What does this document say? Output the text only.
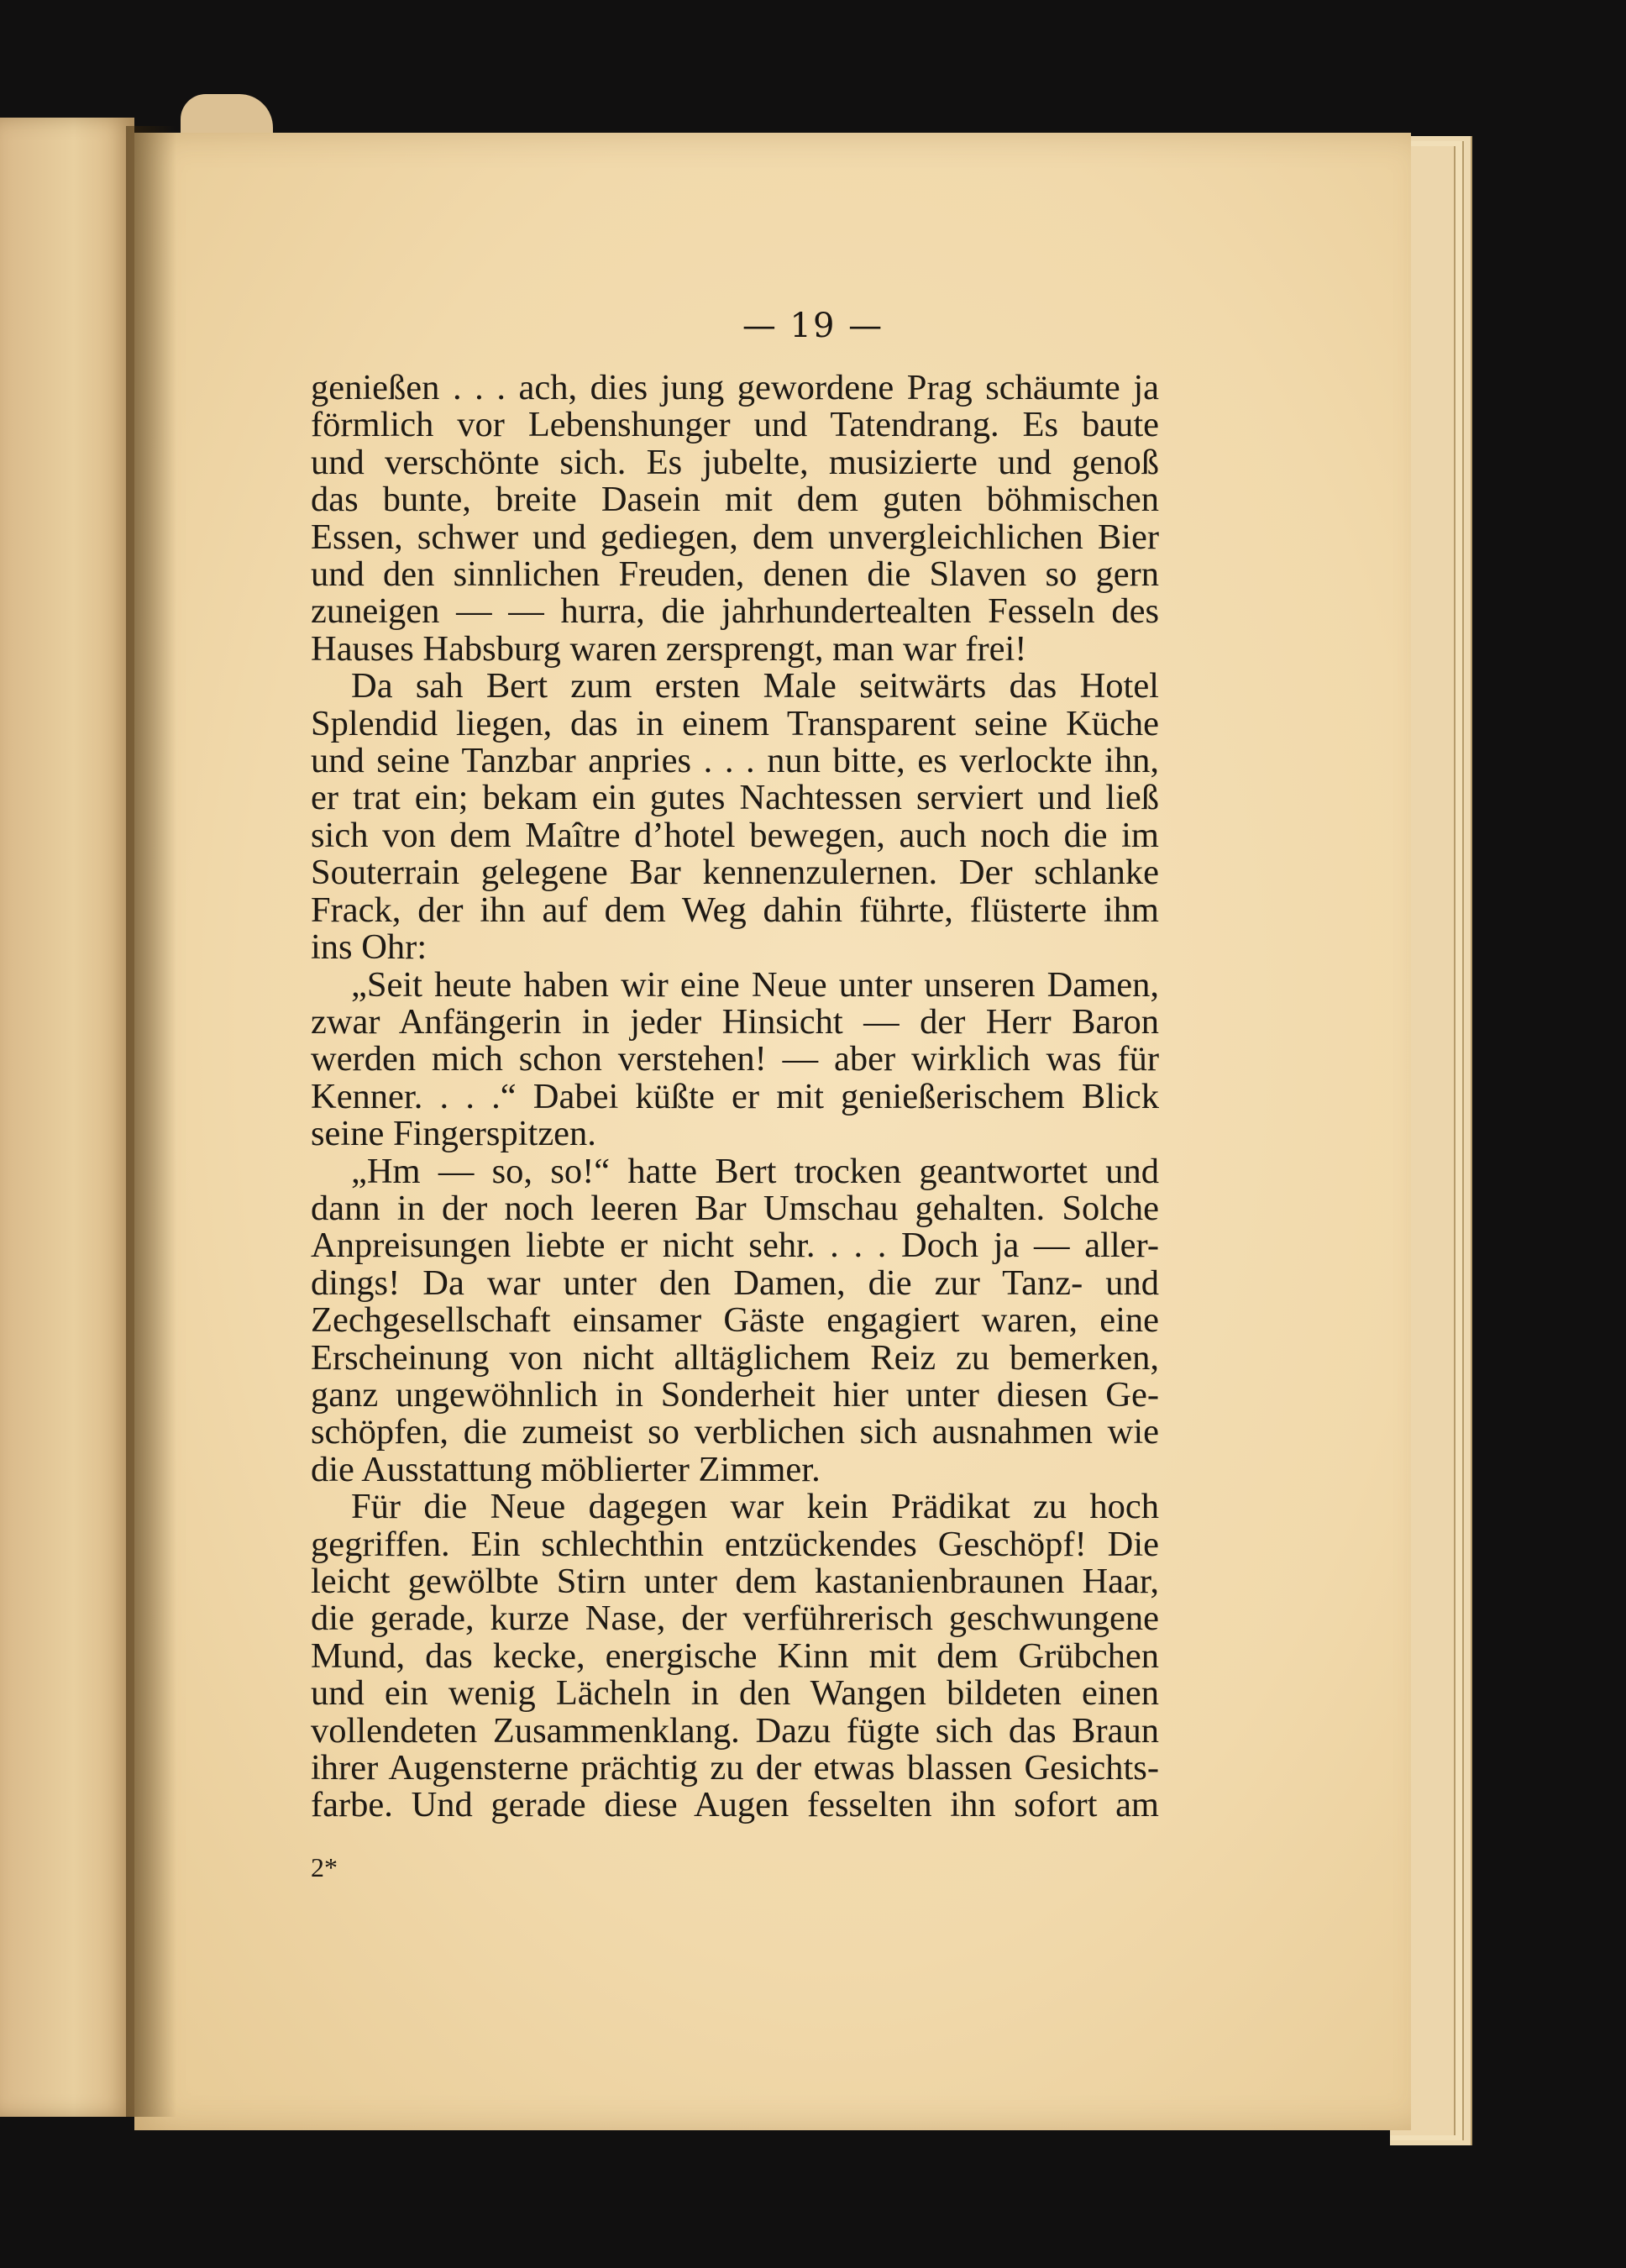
— 19 —
genießen . . . ach, dies jung gewordene Prag schäumte ja
förmlich vor Lebenshunger und Tatendrang. Es baute
und verschönte sich. Es jubelte, musizierte und genoß
das bunte, breite Dasein mit dem guten böhmischen
Essen, schwer und gediegen, dem unvergleichlichen Bier
und den sinnlichen Freuden, denen die Slaven so gern
zuneigen — — hurra, die jahrhundertealten Fesseln des
Hauses Habsburg waren zersprengt, man war frei!
Da sah Bert zum ersten Male seitwärts das Hotel
Splendid liegen, das in einem Transparent seine Küche
und seine Tanzbar anpries . . . nun bitte, es verlockte ihn,
er trat ein; bekam ein gutes Nachtessen serviert und ließ
sich von dem Maître d’hotel bewegen, auch noch die im
Souterrain gelegene Bar kennenzulernen. Der schlanke
Frack, der ihn auf dem Weg dahin führte, flüsterte ihm
ins Ohr:
„Seit heute haben wir eine Neue unter unseren Damen,
zwar Anfängerin in jeder Hinsicht — der Herr Baron
werden mich schon verstehen! — aber wirklich was für
Kenner. . . .“ Dabei küßte er mit genießerischem Blick
seine Fingerspitzen.
„Hm — so, so!“ hatte Bert trocken geantwortet und
dann in der noch leeren Bar Umschau gehalten. Solche
Anpreisungen liebte er nicht sehr. . . . Doch ja — aller-
dings! Da war unter den Damen, die zur Tanz- und
Zechgesellschaft einsamer Gäste engagiert waren, eine
Erscheinung von nicht alltäglichem Reiz zu bemerken,
ganz ungewöhnlich in Sonderheit hier unter diesen Ge-
schöpfen, die zumeist so verblichen sich ausnahmen wie
die Ausstattung möblierter Zimmer.
Für die Neue dagegen war kein Prädikat zu hoch
gegriffen. Ein schlechthin entzückendes Geschöpf! Die
leicht gewölbte Stirn unter dem kastanienbraunen Haar,
die gerade, kurze Nase, der verführerisch geschwungene
Mund, das kecke, energische Kinn mit dem Grübchen
und ein wenig Lächeln in den Wangen bildeten einen
vollendeten Zusammenklang. Dazu fügte sich das Braun
ihrer Augensterne prächtig zu der etwas blassen Gesichts-
farbe. Und gerade diese Augen fesselten ihn sofort am
2*
